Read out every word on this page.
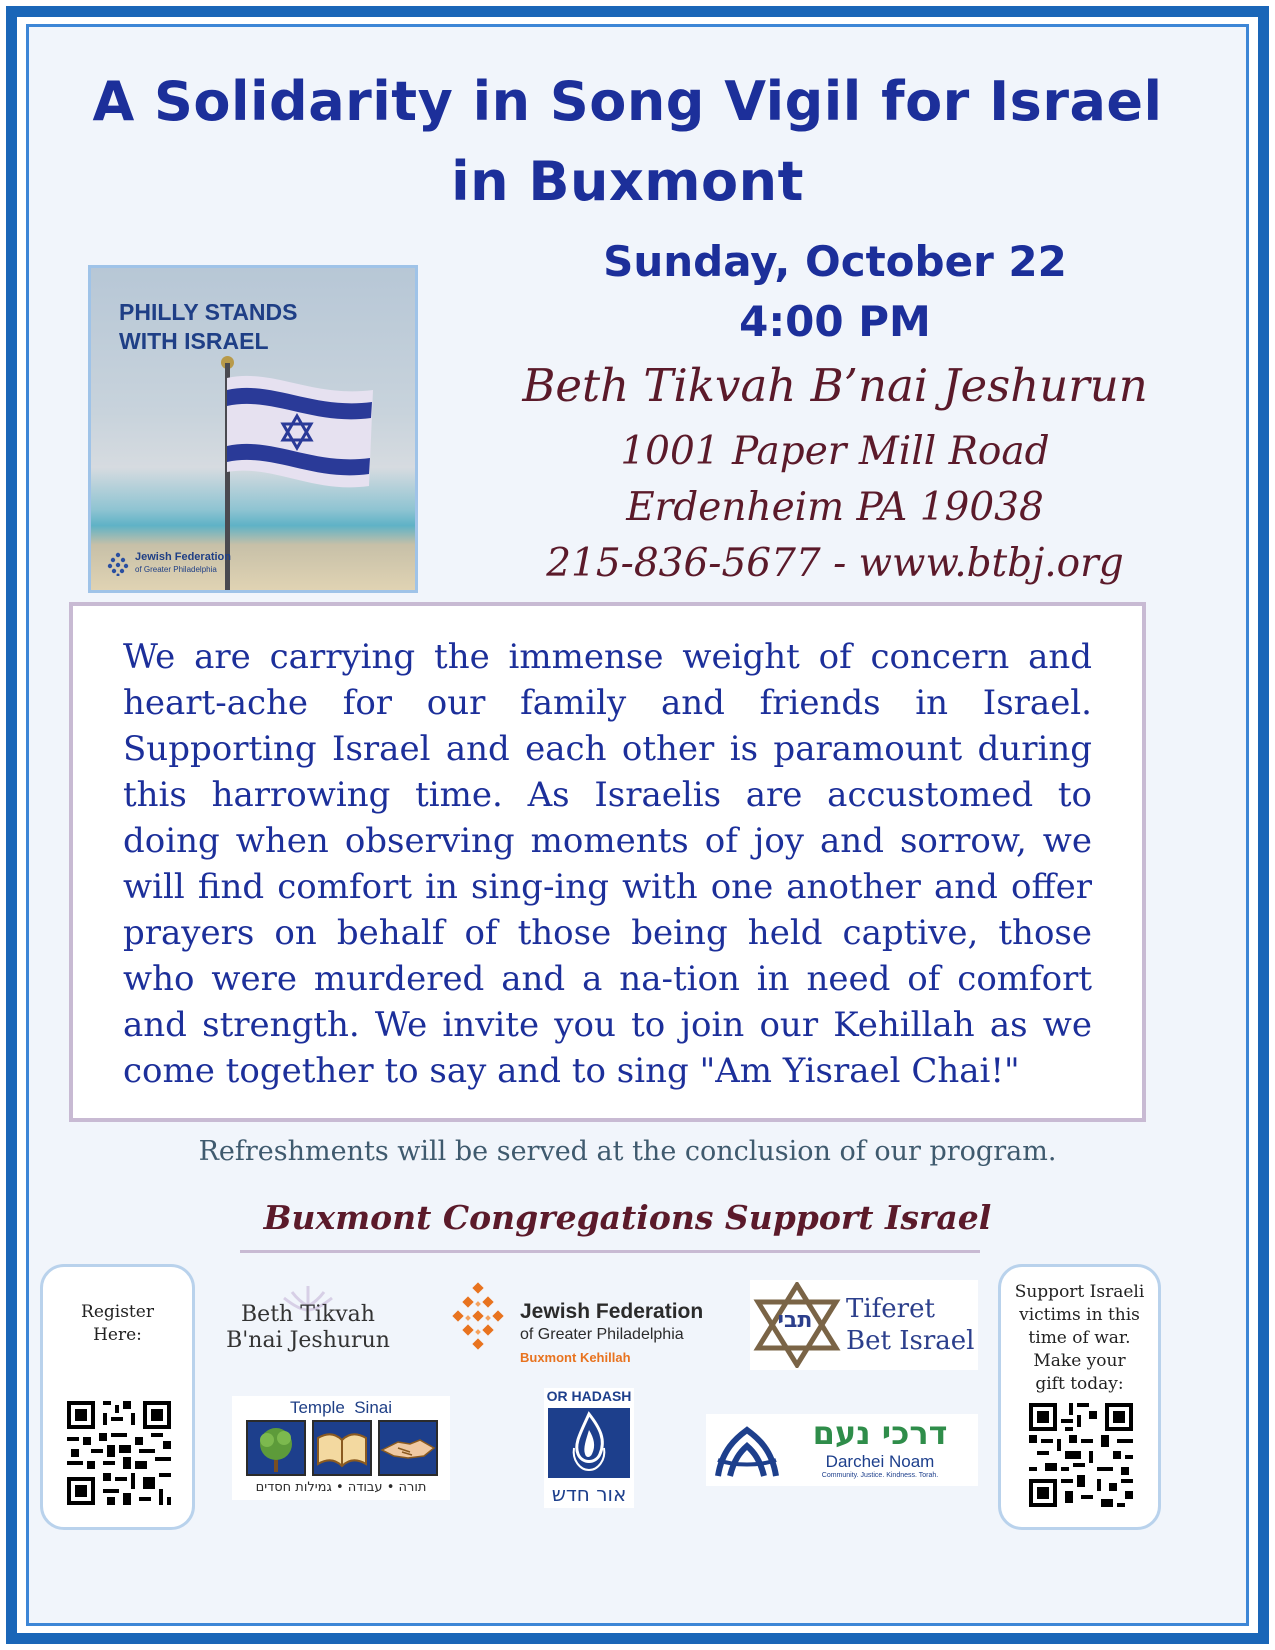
A Solidarity in Song Vigil for Israel
in Buxmont
PHILLY STANDS
WITH ISRAEL
Jewish Federation
of Greater Philadelphia
Sunday, October 22
4:00 PM
Beth Tikvah B’nai Jeshurun
1001 Paper Mill Road
Erdenheim PA 19038
215-836-5677 - www.btbj.org

We are carrying the immense weight of concern and heart-ache for our family and friends in Israel. Supporting Israel and each other is paramount during this harrowing time. As Israelis are accustomed to doing when observing moments of joy and sorrow, we will find comfort in sing-ing with one another and offer prayers on behalf of those being held captive, those who were murdered and a na-tion in need of comfort and strength. We invite you to join our Kehillah as we come together to say and to sing "Am Yisrael Chai!"

Refreshments will be served at the conclusion of our program.
Buxmont Congregations Support Israel
Register
Here:
Support Israeli
victims in this
time of war.
Make your
gift today:
Beth Tikvah
B'nai Jeshurun
Jewish Federation
of Greater Philadelphia
Buxmont Kehillah
תבי	Tiferet
Bet Israel
Temple  Sinai
תורה • עבודה • גמילות חסדים
OR HADASH
אור חדש
דרכי נעם
Darchei Noam
Community. Justice. Kindness. Torah.
